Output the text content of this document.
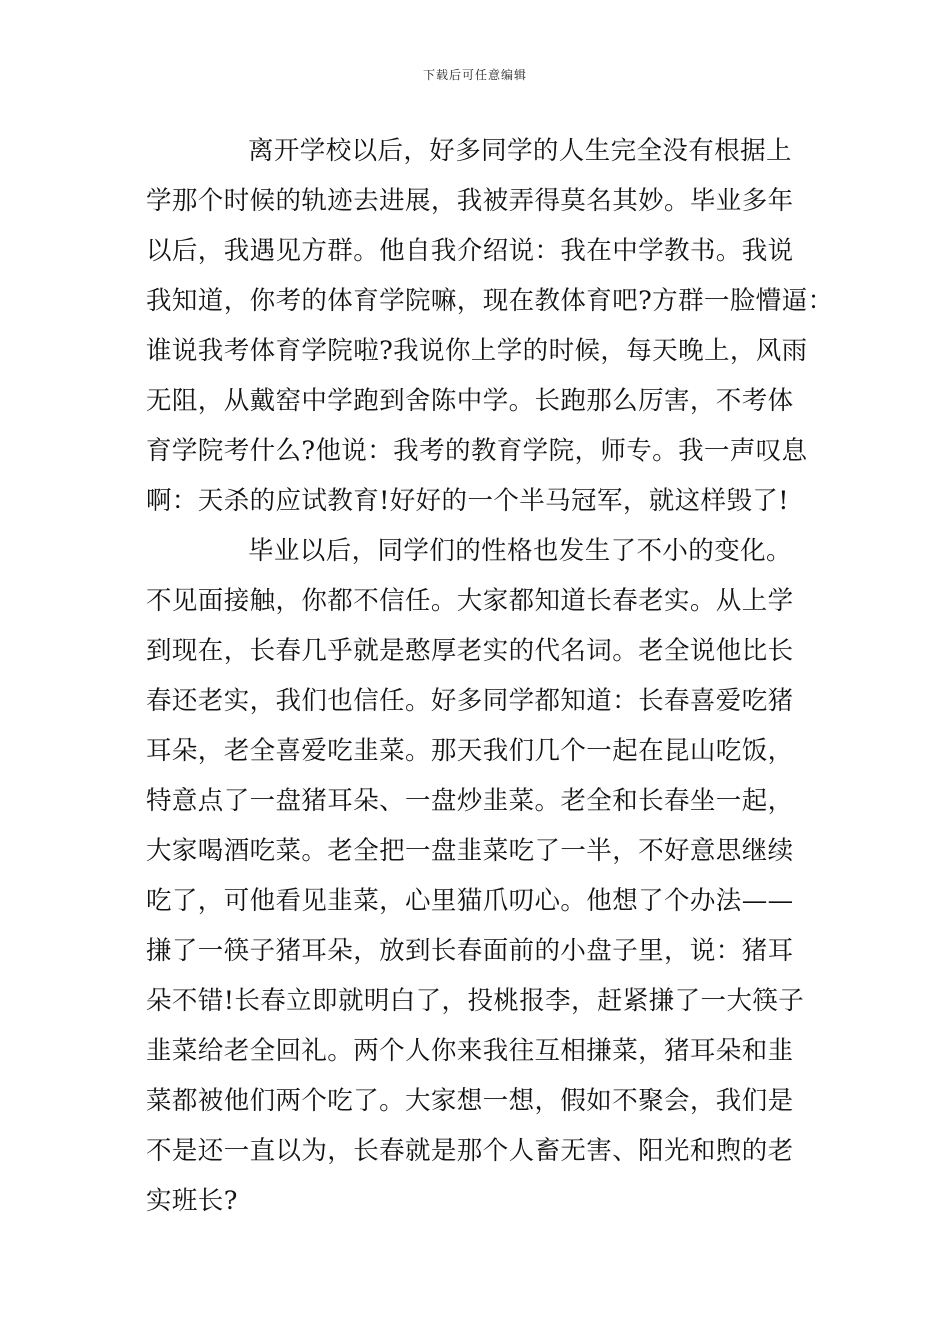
下载后可任意编辑
离开学校以后，好多同学的人生完全没有根据上
学那个时候的轨迹去进展，我被弄得莫名其妙。毕业多年
以后，我遇见方群。他自我介绍说：我在中学教书。我说
我知道，你考的体育学院嘛，现在教体育吧?方群一脸懵逼：
谁说我考体育学院啦?我说你上学的时候，每天晚上，风雨
无阻，从戴窑中学跑到舍陈中学。长跑那么厉害，不考体
育学院考什么?他说：我考的教育学院，师专。我一声叹息
啊：天杀的应试教育!好好的一个半马冠军，就这样毁了!
毕业以后，同学们的性格也发生了不小的变化。
不见面接触，你都不信任。大家都知道长春老实。从上学
到现在，长春几乎就是憨厚老实的代名词。老全说他比长
春还老实，我们也信任。好多同学都知道：长春喜爱吃猪
耳朵，老全喜爱吃韭菜。那天我们几个一起在昆山吃饭，
特意点了一盘猪耳朵、一盘炒韭菜。老全和长春坐一起，
大家喝酒吃菜。老全把一盘韭菜吃了一半，不好意思继续
吃了，可他看见韭菜，心里猫爪叨心。他想了个办法——
搛了一筷子猪耳朵，放到长春面前的小盘子里，说：猪耳
朵不错!长春立即就明白了，投桃报李，赶紧搛了一大筷子
韭菜给老全回礼。两个人你来我往互相搛菜，猪耳朵和韭
菜都被他们两个吃了。大家想一想，假如不聚会，我们是
不是还一直以为，长春就是那个人畜无害、阳光和煦的老
实班长?
